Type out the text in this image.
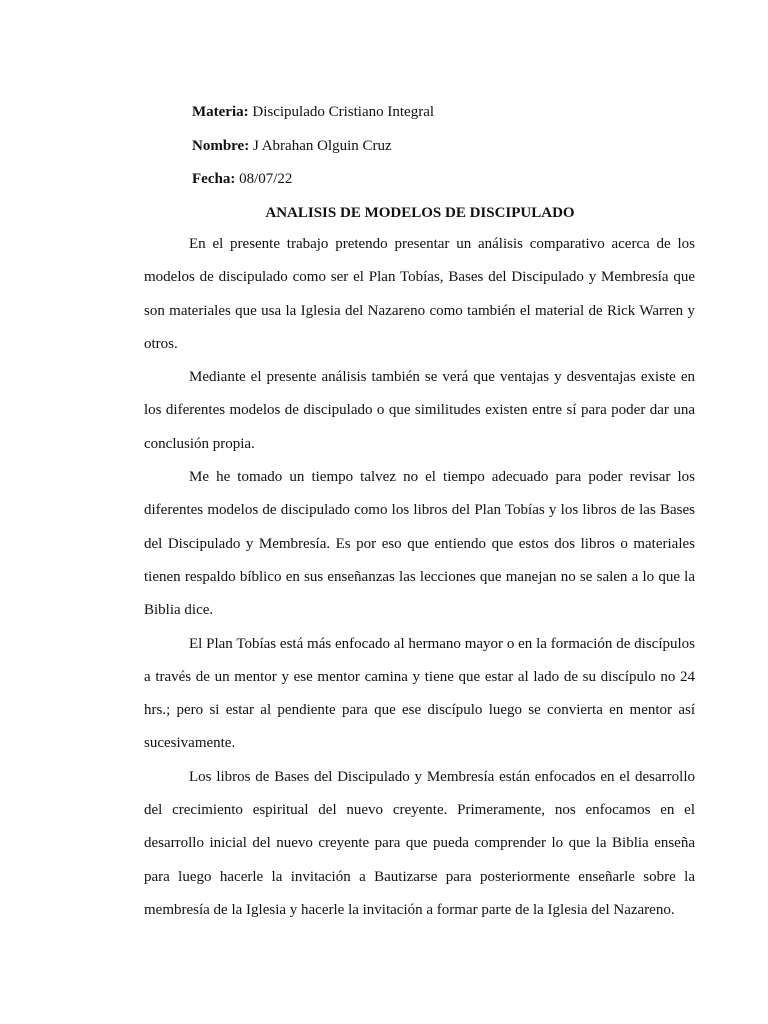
Materia: Discipulado Cristiano Integral
Nombre: J Abrahan Olguin Cruz
Fecha: 08/07/22
ANALISIS DE MODELOS DE DISCIPULADO

En el presente trabajo pretendo presentar un análisis comparativo acerca de los modelos de discipulado como ser el Plan Tobías, Bases del Discipulado y Membresía que son materiales que usa la Iglesia del Nazareno como también el material de Rick Warren y otros.

Mediante el presente análisis también se verá que ventajas y desventajas existe en los diferentes modelos de discipulado o que similitudes existen entre sí para poder dar una conclusión propia.

Me he tomado un tiempo talvez no el tiempo adecuado para poder revisar los diferentes modelos de discipulado como los libros del Plan Tobías y los libros de las Bases del Discipulado y Membresía. Es por eso que entiendo que estos dos libros o materiales tienen respaldo bíblico en sus enseñanzas las lecciones que manejan no se salen a lo que la Biblia dice.

El Plan Tobías está más enfocado al hermano mayor o en la formación de discípulos a través de un mentor y ese mentor camina y tiene que estar al lado de su discípulo no 24 hrs.; pero si estar al pendiente para que ese discípulo luego se convierta en mentor así sucesivamente.

Los libros de Bases del Discipulado y Membresía están enfocados en el desarrollo del crecimiento espiritual del nuevo creyente. Primeramente, nos enfocamos en el desarrollo inicial del nuevo creyente para que pueda comprender lo que la Biblia enseña para luego hacerle la invitación a Bautizarse para posteriormente enseñarle sobre la membresía de la Iglesia y hacerle la invitación a formar parte de la Iglesia del Nazareno.
